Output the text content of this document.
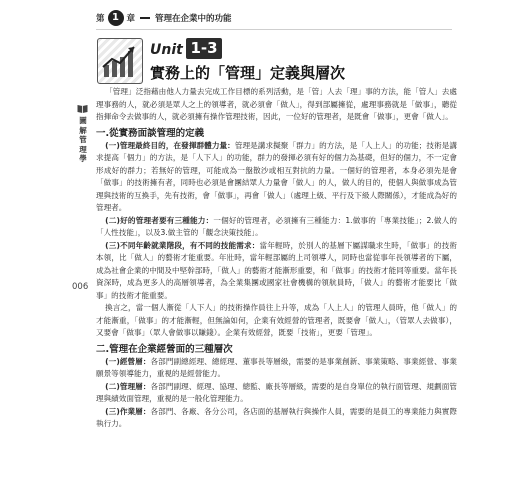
第 1 章 管理在企業中的功能
Unit 1-3
實務上的「管理」定義與層次
圖解管理學
006

「管理」泛指藉由他人力量去完成工作目標的系列活動，是「管」人去「理」事的方法，能「管人」去處理事務的人，就必須是眾人之上的領導者，就必須會「做人」，得到部屬擁從，處理事務就是「做事」，聽從指揮命令去做事的人，就必須擁有操作管理技術，因此，一位好的管理者，是既會「做事」，更會「做人」。

一.從實務面談管理的定義

(一)管理最終目的，在發揮群體力量：管理是講求擬聚「群力」的方法，是「人上人」的功能；技術是講求提高「個力」的方法，是「人下人」的功能，群力的發揮必須有好的個力為基礎，但好的個力，不一定會形成好的群力；若無好的管理，可能成為一盤散沙或相互對抗的力量。一個好的管理者，本身必須先是會「做事」的技術擁有者，同時也必須是會團結眾人力量會「做人」的人，做人的目的，使個人與做事成為管理與技術的互換手，先有技術，會「做事」，再會「做人」（處理上級、平行及下級人際關係），才能成為好的管理者。

(二)好的管理者要有三種能力：一個好的管理者，必須擁有三種能力：1.做事的「專業技能」；2.做人的「人性技能」，以及3.做主管的「觀念決策技能」。

(三)不同年齡就業階段，有不同的技能需求：當年輕時，於別人的基層下屬謀職求生時，「做事」的技術本領，比「做人」的藝術才能重要。年壯時，當年輕部屬的上司領導人，同時也當從事年長領導者的下屬，成為社會企業的中間及中堅幹部時，「做人」的藝術才能漸形重要，和「做事」的技術才能同等重要。當年長資深時，成為更多人的高層領導者，為全業集團或國家社會機構的領航員時，「做人」的藝術才能要比「做事」的技術才能重要。

換言之，當一個人漸從「人下人」的技術操作員往上升等，成為「人上人」的管理人員時，他「做人」的才能漸重，「做事」的才能漸輕，但無論如何，企業有效經營的管理者，既要會「做人」，（管眾人去做事），又要會「做事」（眾人會做事以賺錢）。企業有效經營，既要「技術」，更要「管理」。

二.管理在企業經營面的三種層次

(一)經營層：各部門副總經理、總經理、董事長等層級，需要的是事業創新、事業策略、事業經營、事業願景等領導能力，重視的是經營能力。

(二)管理層：各部門副理、經理、協理、總監、廠長等層級，需要的是自身單位的執行面管理、規劃面管理與績效面管理，重視的是一般化管理能力。

(三)作業層：各部門、各廠、各分公司，各店面的基層執行與操作人員，需要的是員工的專業能力與實際執行力。
